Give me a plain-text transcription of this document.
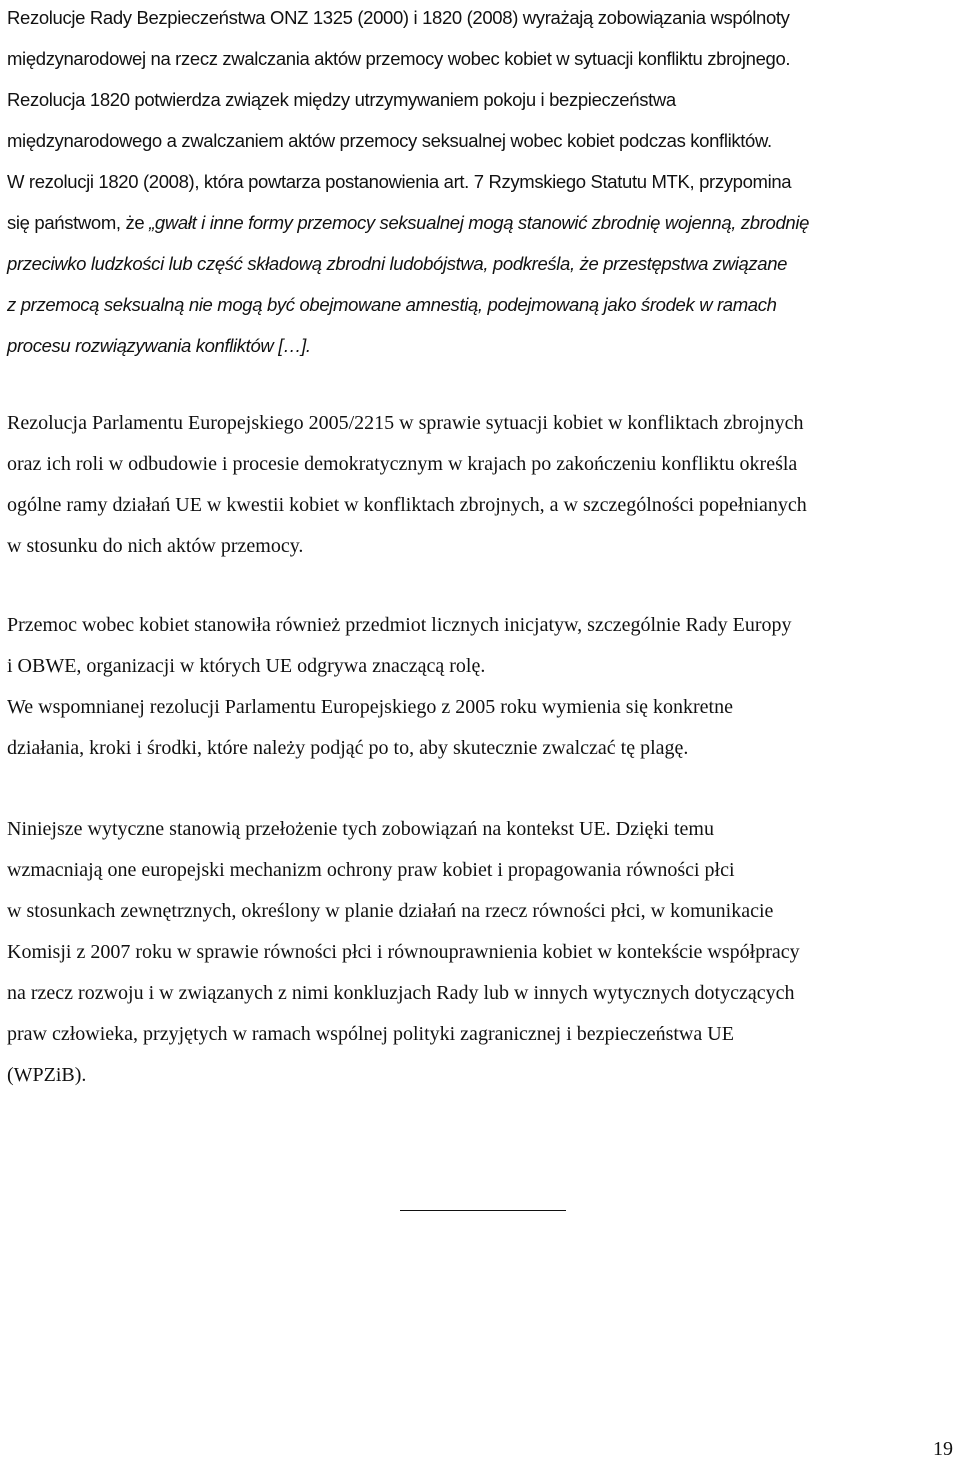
Rezolucje Rady Bezpieczeństwa ONZ 1325 (2000) i 1820 (2008) wyrażają zobowiązania wspólnoty
międzynarodowej na rzecz zwalczania aktów przemocy wobec kobiet w sytuacji konfliktu zbrojnego.
Rezolucja 1820 potwierdza związek między utrzymywaniem pokoju i bezpieczeństwa
międzynarodowego a zwalczaniem aktów przemocy seksualnej wobec kobiet podczas konfliktów.
W rezolucji 1820 (2008), która powtarza postanowienia art. 7 Rzymskiego Statutu MTK, przypomina
się państwom, że „gwałt i inne formy przemocy seksualnej mogą stanowić zbrodnię wojenną, zbrodnię
przeciwko ludzkości lub część składową zbrodni ludobójstwa, podkreśla, że przestępstwa związane
z przemocą seksualną nie mogą być obejmowane amnestią, podejmowaną jako środek w ramach
procesu rozwiązywania konfliktów […].

Rezolucja Parlamentu Europejskiego 2005/2215 w sprawie sytuacji kobiet w konfliktach zbrojnych
oraz ich roli w odbudowie i procesie demokratycznym w krajach po zakończeniu konfliktu określa
ogólne ramy działań UE w kwestii kobiet w konfliktach zbrojnych, a w szczególności popełnianych
w stosunku do nich aktów przemocy.

Przemoc wobec kobiet stanowiła również przedmiot licznych inicjatyw, szczególnie Rady Europy
i OBWE, organizacji w których UE odgrywa znaczącą rolę.

We wspomnianej rezolucji Parlamentu Europejskiego z 2005 roku wymienia się konkretne
działania, kroki i środki, które należy podjąć po to, aby skutecznie zwalczać tę plagę.

Niniejsze wytyczne stanowią przełożenie tych zobowiązań na kontekst UE. Dzięki temu
wzmacniają one europejski mechanizm ochrony praw kobiet i propagowania równości płci
w stosunkach zewnętrznych, określony w planie działań na rzecz równości płci, w komunikacie
Komisji z 2007 roku w sprawie równości płci i równouprawnienia kobiet w kontekście współpracy
na rzecz rozwoju i w związanych z nimi konkluzjach Rady lub w innych wytycznych dotyczących
praw człowieka, przyjętych w ramach wspólnej polityki zagranicznej i bezpieczeństwa UE
(WPZiB).

19
